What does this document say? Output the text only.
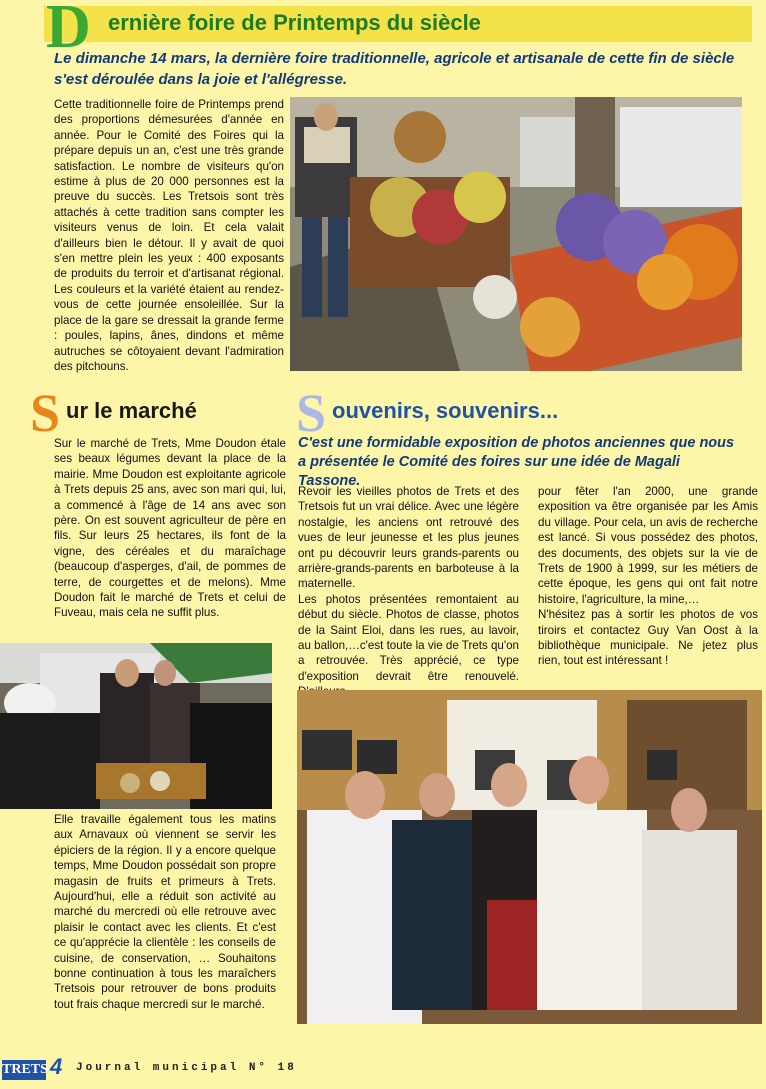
D ernière foire de Printemps du siècle
Le dimanche 14 mars, la dernière foire traditionnelle, agricole et artisanale de cette fin de siècle s'est déroulée dans la joie et l'allégresse.
Cette traditionnelle foire de Printemps prend des proportions démesurées d'année en année. Pour le Comité des Foires qui la prépare depuis un an, c'est une très grande satisfaction. Le nombre de visiteurs qu'on estime à plus de 20 000 personnes est la preuve du succès. Les Tretsois sont très attachés à cette tradition sans compter les visiteurs venus de loin. Et cela valait d'ailleurs bien le détour. Il y avait de quoi s'en mettre plein les yeux : 400 exposants de produits du terroir et d'artisanat régional. Les couleurs et la variété étaient au rendez-vous de cette journée ensoleillée. Sur la place de la gare se dressait la grande ferme : poules, lapins, ânes, dindons et même autruches se côtoyaient devant l'admiration des pitchouns.
S ur le marché
Sur le marché de Trets, Mme Doudon étale ses beaux légumes devant la place de la mairie. Mme Doudon est exploitante agricole à Trets depuis 25 ans, avec son mari qui, lui, a commencé à l'âge de 14 ans avec son père. On est souvent agriculteur de père en fils. Sur leurs 25 hectares, ils font de la vigne, des céréales et du maraîchage (beaucoup d'asperges, d'ail, de pommes de terre, de courgettes et de melons). Mme Doudon fait le marché de Trets et celui de Fuveau, mais cela ne suffit plus.
Elle travaille également tous les matins aux Arnavaux où viennent se servir les épiciers de la région. Il y a encore quelque temps, Mme Doudon possédait son propre magasin de fruits et primeurs à Trets. Aujourd'hui, elle a réduit son activité au marché du mercredi où elle retrouve avec plaisir le contact avec les clients. Et c'est ce qu'apprécie la clientèle : les conseils de cuisine, de conservation, … Souhaitons bonne continuation à tous les maraîchers Tretsois pour retrouver de bons produits tout frais chaque mercredi sur le marché.
S ouvenirs, souvenirs...
C'est une formidable exposition de photos anciennes que nous a présentée le Comité des foires sur une idée de Magali Tassone.
Revoir les vieilles photos de Trets et des Tretsois fut un vrai délice. Avec une légère nostalgie, les anciens ont retrouvé des vues de leur jeunesse et les plus jeunes ont pu découvrir leurs grands-parents ou arrière-grands-parents en barboteuse à la maternelle.
Les photos présentées remontaient au début du siècle. Photos de classe, photos de la Saint Eloi, dans les rues, au lavoir, au ballon,…c'est toute la vie de Trets qu'on a retrouvée. Très apprécié, ce type d'exposition devrait être renouvelé.
pour fêter l'an 2000, une grande exposition va être organisée par les Amis du village. Pour cela, un avis de recherche est lancé. Si vous possédez des photos, des documents, des objets sur la vie de Trets de 1900 à 1999, sur les métiers de cette époque, les gens qui ont fait notre histoire, l'agriculture, la mine,…
N'hésitez pas à sortir les photos de vos tiroirs et contactez Guy Van Oost à la bibliothèque municipale. Ne jetez plus rien, tout est intéressant !
TRETS 4 Journal municipal N° 18
